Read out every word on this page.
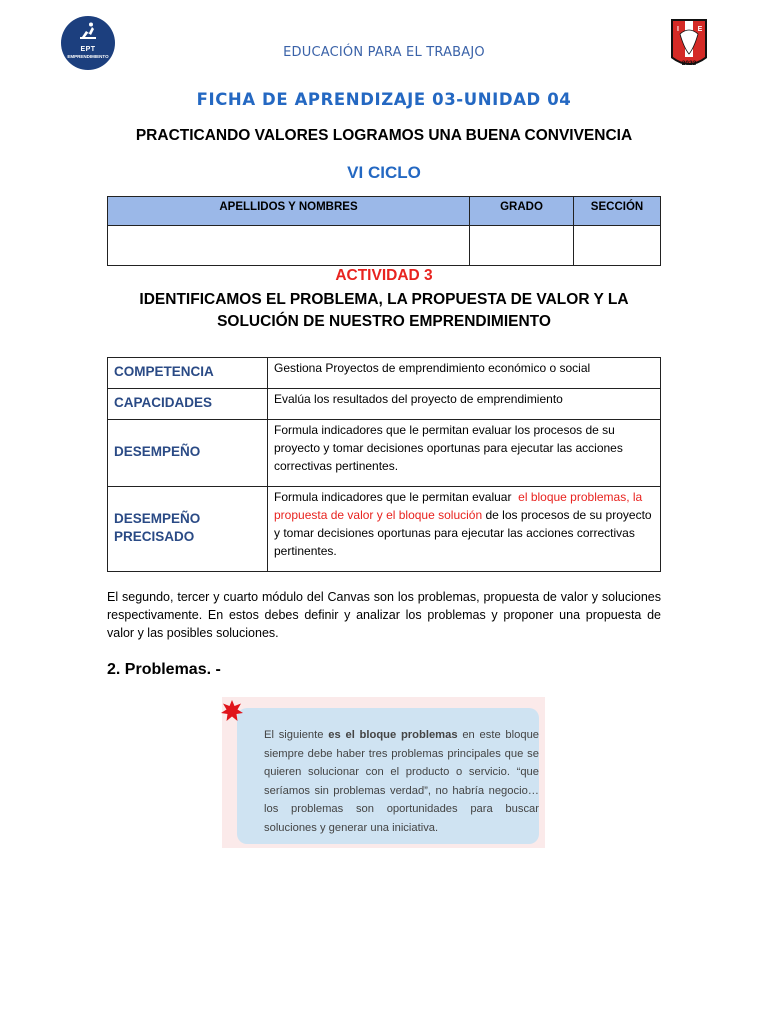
EPT
EMPRENDIMIENTO
I	E
2022
EDUCACIÓN PARA EL TRABAJO
FICHA DE APRENDIZAJE 03-UNIDAD 04
PRACTICANDO VALORES LOGRAMOS UNA BUENA CONVIVENCIA
VI CICLO
APELLIDOS Y NOMBRES	GRADO	SECCIÓN

ACTIVIDAD 3
IDENTIFICAMOS EL PROBLEMA, LA PROPUESTA DE VALOR Y LA
SOLUCIÓN DE NUESTRO EMPRENDIMIENTO
COMPETENCIA	Gestiona Proyectos de emprendimiento económico o social
CAPACIDADES	Evalúa los resultados del proyecto de emprendimiento
DESEMPEÑO	Formula indicadores que le permitan evaluar los procesos de su proyecto y tomar decisiones oportunas para ejecutar las acciones correctivas pertinentes.
DESEMPEÑO
PRECISADO	Formula indicadores que le permitan evaluar el bloque problemas, la propuesta de valor y el bloque solución de los procesos de su proyecto y tomar decisiones oportunas para ejecutar las acciones correctivas pertinentes.
El segundo, tercer y cuarto módulo del Canvas son los problemas, propuesta de valor y soluciones respectivamente. En estos debes definir y analizar los problemas y proponer una propuesta de valor y las posibles soluciones.
2. Problemas. -
El siguiente es el bloque problemas en este bloque siempre debe haber tres problemas principales que se quieren solucionar con el producto o servicio. “que seríamos sin problemas verdad”, no habría negocio… los problemas son oportunidades para buscar soluciones y generar una iniciativa.
